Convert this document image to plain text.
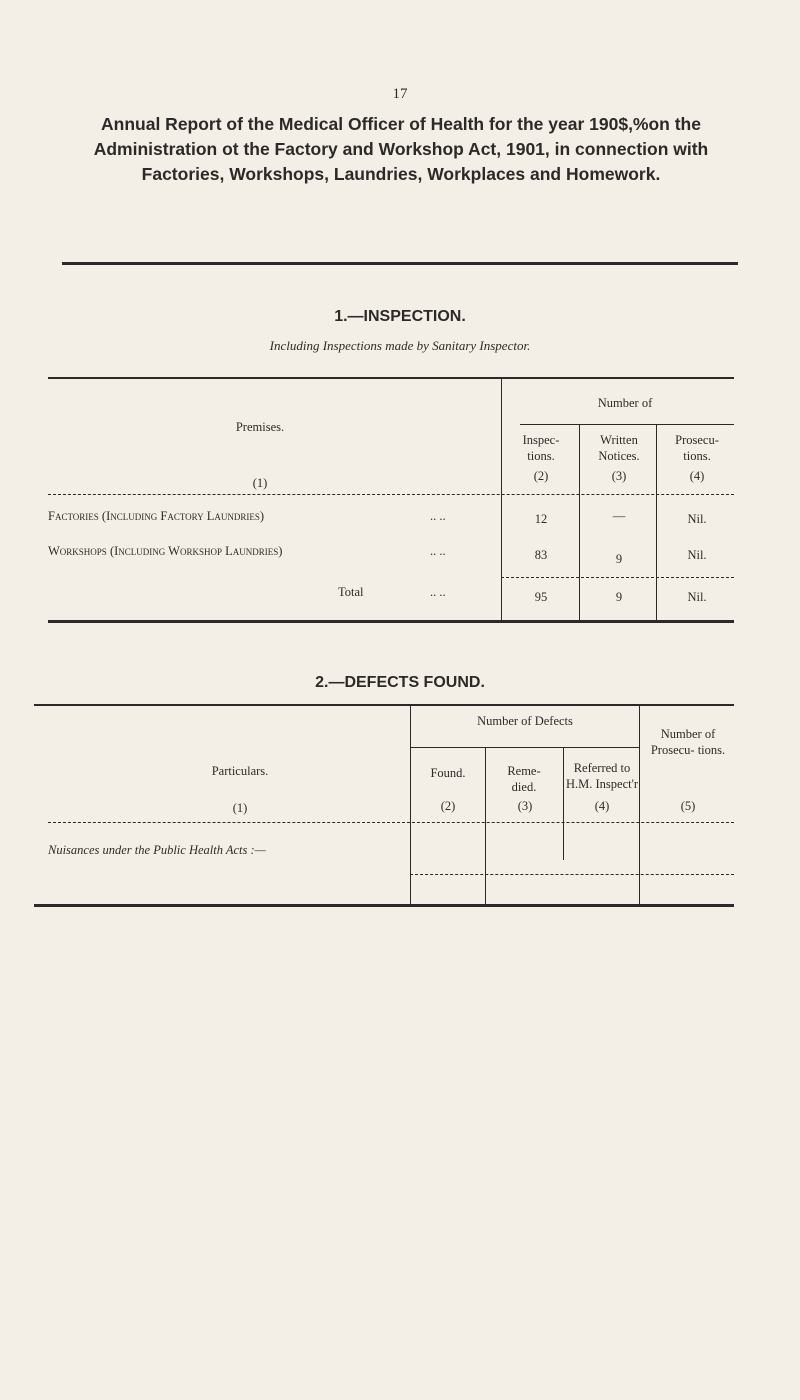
17
Annual Report of the Medical Officer of Health for the year 190$,%on the Administration ot the Factory and Workshop Act, 1901, in connection with Factories, Workshops, Laundries, Workplaces and Homework.
1.—INSPECTION.
Including Inspections made by Sanitary Inspector.
Premises.
(1)
Number of
Inspec- tions.
(2)
Written Notices.
(3)
Prosecu- tions.
(4)
Factories (Including Factory Laundries)	.. ..	12	—	Nil.
Workshops (Including Workshop Laundries)	.. ..	83	9	Nil.
Total	.. ..	95	9	Nil.
2.—DEFECTS FOUND.
Particulars.
(1)
Number of Defects
Found.
(2)
Reme- died.
(3)
Referred to H.M. Inspect'r
(4)
Number of Prosecu- tions.
(5)
Nuisances under the Public Health Acts :—
